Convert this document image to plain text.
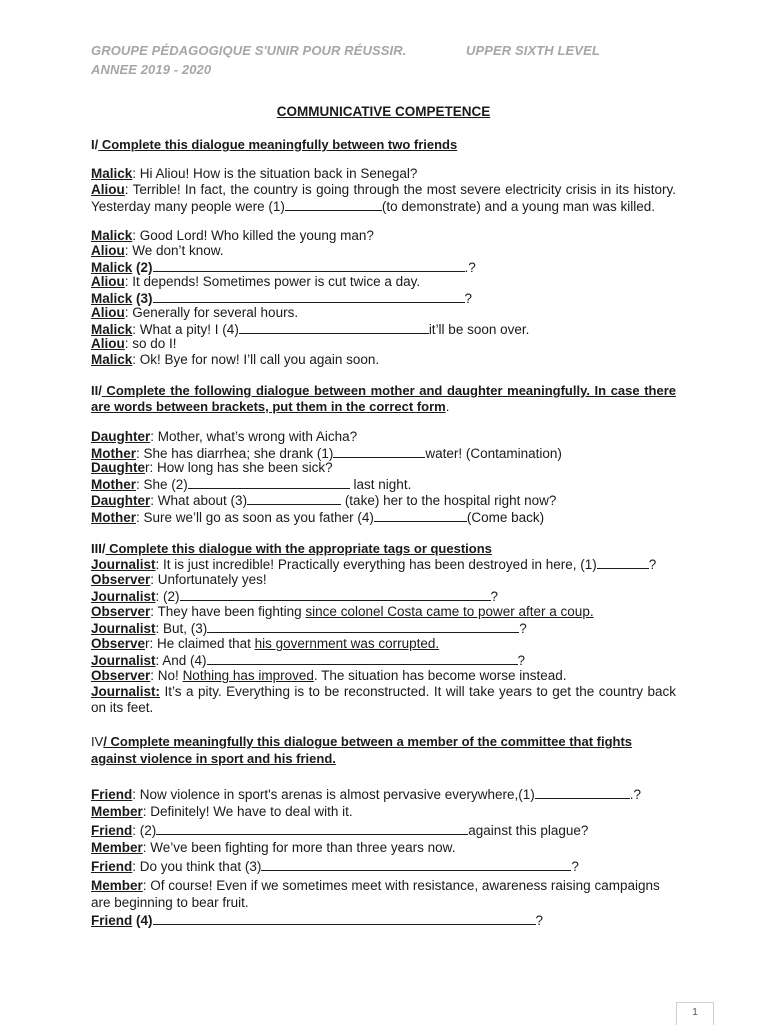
GROUPE PÉDAGOGIQUE S'UNIR POUR RÉUSSIR.	UPPER SIXTH LEVEL
ANNEE 2019 - 2020
COMMUNICATIVE COMPETENCE
I/ Complete this dialogue meaningfully between two friends
Malick: Hi Aliou! How is the situation back in Senegal?
Aliou: Terrible! In fact, the country is going through the most severe electricity crisis in its history. Yesterday many people were (1)	(to demonstrate) and a young man was killed.
Malick: Good Lord! Who killed the young man?
Aliou: We don’t know.
Malick (2)	.?
Aliou: It depends! Sometimes power is cut twice a day.
Malick (3)	?
Aliou: Generally for several hours.
Malick: What a pity! I (4)	it’ll be soon over.
Aliou: so do I!
Malick: Ok! Bye for now! I’ll call you again soon.
II/ Complete the following dialogue between mother and daughter meaningfully. In case there are words between brackets, put them in the correct form.
Daughter: Mother, what’s wrong with Aicha?
Mother: She has diarrhea; she drank (1)	water! (Contamination)
Daughter: How long has she been sick?
Mother: She (2)	last night.
Daughter: What about (3)	(take) her to the hospital right now?
Mother: Sure we’ll go as soon as you father (4)	(Come back)
III/ Complete this dialogue with the appropriate tags or questions
Journalist: It is just incredible! Practically everything has been destroyed in here, (1)	?
Observer: Unfortunately yes!
Journalist: (2)	?
Observer: They have been fighting since colonel Costa came to power after a coup.
Journalist: But, (3)	?
Observer: He claimed that his government was corrupted.
Journalist: And (4)	?
Observer: No! Nothing has improved. The situation has become worse instead.
Journalist: It’s a pity. Everything is to be reconstructed. It will take years to get the country back on its feet.
IV/ Complete meaningfully this dialogue between a member of the committee that fights against violence in sport and his friend.
Friend: Now violence in sport's arenas is almost pervasive everywhere,(1)	.?
Member: Definitely! We have to deal with it.
Friend: (2)	against this plague?
Member: We’ve been fighting for more than three years now.
Friend: Do you think that (3)	?
Member: Of course! Even if we sometimes meet with resistance, awareness raising campaigns are beginning to bear fruit.
Friend (4)	?
1
